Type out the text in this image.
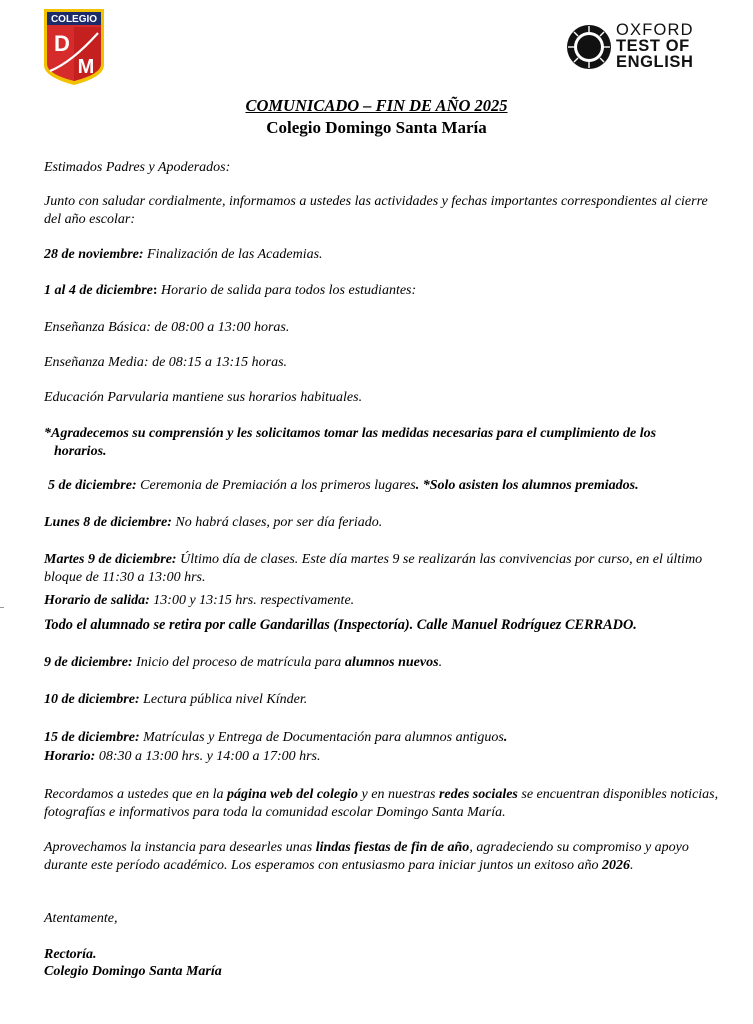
COLEGIO
D
M
OXFORD
TEST OF
ENGLISH
COMUNICADO – FIN DE AÑO 2025
Colegio Domingo Santa María
Estimados Padres y Apoderados:
Junto con saludar cordialmente, informamos a ustedes las actividades y fechas importantes correspondientes al cierre del año escolar:
28 de noviembre: Finalización de las Academias.
1 al 4 de diciembre: Horario de salida para todos los estudiantes:
Enseñanza Básica: de 08:00 a 13:00 horas.
Enseñanza Media: de 08:15 a 13:15 horas.
Educación Parvularia mantiene sus horarios habituales.
*Agradecemos su comprensión y les solicitamos tomar las medidas necesarias para el cumplimiento de los
horarios.
5 de diciembre: Ceremonia de Premiación a los primeros lugares. *Solo asisten los alumnos premiados.
Lunes 8 de diciembre: No habrá clases, por ser día feriado.
Martes 9 de diciembre: Último día de clases. Este día martes 9 se realizarán las convivencias por curso, en el último bloque de 11:30 a 13:00 hrs.
Horario de salida: 13:00 y 13:15 hrs. respectivamente.
Todo el alumnado se retira por calle Gandarillas (Inspectoría). Calle Manuel Rodríguez CERRADO.
9 de diciembre: Inicio del proceso de matrícula para alumnos nuevos.
10 de diciembre: Lectura pública nivel Kínder.
15 de diciembre: Matrículas y Entrega de Documentación para alumnos antiguos.
Horario: 08:30 a 13:00 hrs. y 14:00 a 17:00 hrs.
Recordamos a ustedes que en la página web del colegio y en nuestras redes sociales se encuentran disponibles noticias, fotografías e informativos para toda la comunidad escolar Domingo Santa María.
Aprovechamos la instancia para desearles unas lindas fiestas de fin de año, agradeciendo su compromiso y apoyo durante este período académico. Los esperamos con entusiasmo para iniciar juntos un exitoso año 2026.
Atentamente,
Rectoría.
Colegio Domingo Santa María
